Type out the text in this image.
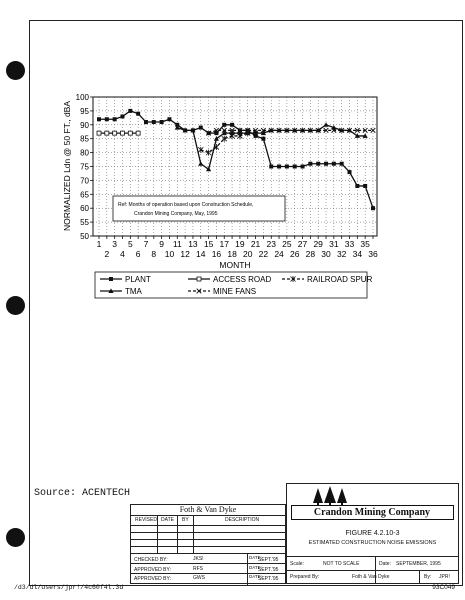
100
95
90
85
80
75
70
65
60
55
50
1 3 5 7 9 11 13 15 17 19 21 23 25 27 29 31 33 35
2 4 6 8 10 12 14 16 18 20 22 24 26 28 30 32 34 36
NORMALIZED Ldn @ 50 FT., dBA
MONTH
Ref: Months of operation based upon Construction Schedule,
Crandon Mining Company, May, 1995
PLANT	ACCESS ROAD	RAILROAD SPUR
TMA	MINE FANS
Source: ACENTECH
Foth & Van Dyke
REVISED DATE BY	DESCRIPTION
CHECKED BY:	JKS!	DATE:
SEPT.'95
APPROVED BY:	RFS	DATE:
SEPT.'95
APPROVED BY:	GWS	DATE:
SEPT.'95
Crandon Mining Company
FIGURE 4.2.10-3
ESTIMATED CONSTRUCTION NOISE EMISSIONS
Scale:	NOT TO SCALE	Date: SEPTEMBER, 1995
Prepared By:	Foth & Van Dyke	By: JPR!
/d3/dl/users/jpr!/4c60f4l.3d	93C049
